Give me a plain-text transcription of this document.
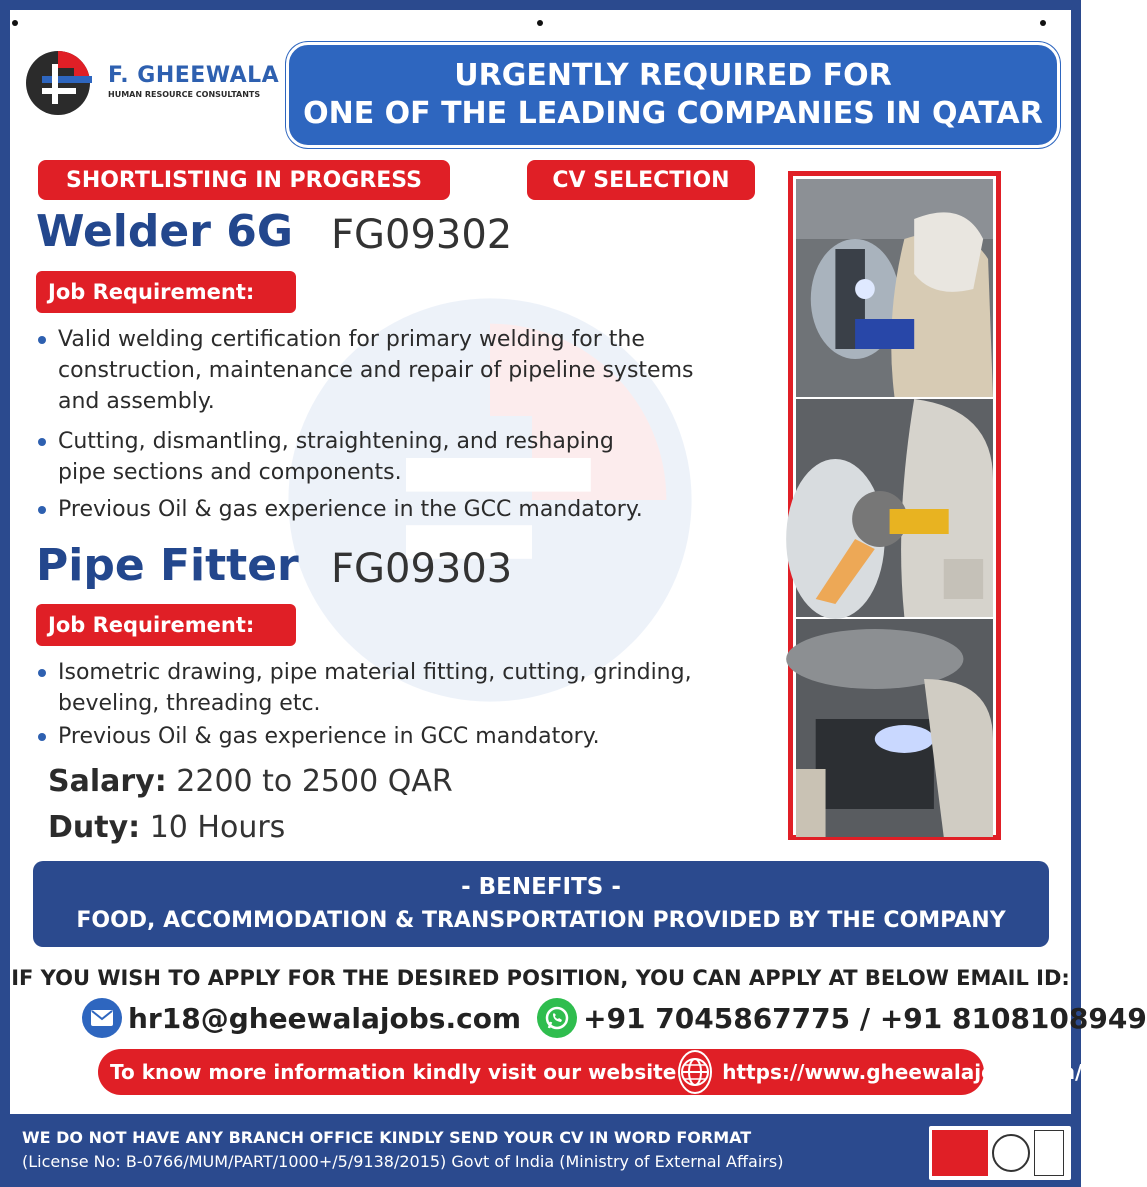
F. GHEEWALA
HUMAN RESOURCE CONSULTANTS
URGENTLY REQUIRED FOR
ONE OF THE LEADING COMPANIES IN QATAR
SHORTLISTING IN PROGRESS	CV SELECTION
Welder 6G FG09302
Job Requirement:
Valid welding certification for primary welding for the construction, maintenance and repair of pipeline systems and assembly.
Cutting, dismantling, straightening, and reshaping pipe sections and components.
Previous Oil & gas experience in the GCC mandatory.
Pipe Fitter FG09303
Job Requirement:
Isometric drawing, pipe material fitting, cutting, grinding, beveling, threading etc.
Previous Oil & gas experience in GCC mandatory.
Salary: 2200 to 2500 QAR
Duty: 10 Hours
- BENEFITS -
FOOD, ACCOMMODATION & TRANSPORTATION PROVIDED BY THE COMPANY
IF YOU WISH TO APPLY FOR THE DESIRED POSITION, YOU CAN APPLY AT BELOW EMAIL ID:
hr18@gheewalajobs.com +91 7045867775 / +91 8108108949
To know more information kindly visit our website https://www.gheewalajobs.com/
WE DO NOT HAVE ANY BRANCH OFFICE KINDLY SEND YOUR CV IN WORD FORMAT
(License No: B-0766/MUM/PART/1000+/5/9138/2015) Govt of India (Ministry of External Affairs)
